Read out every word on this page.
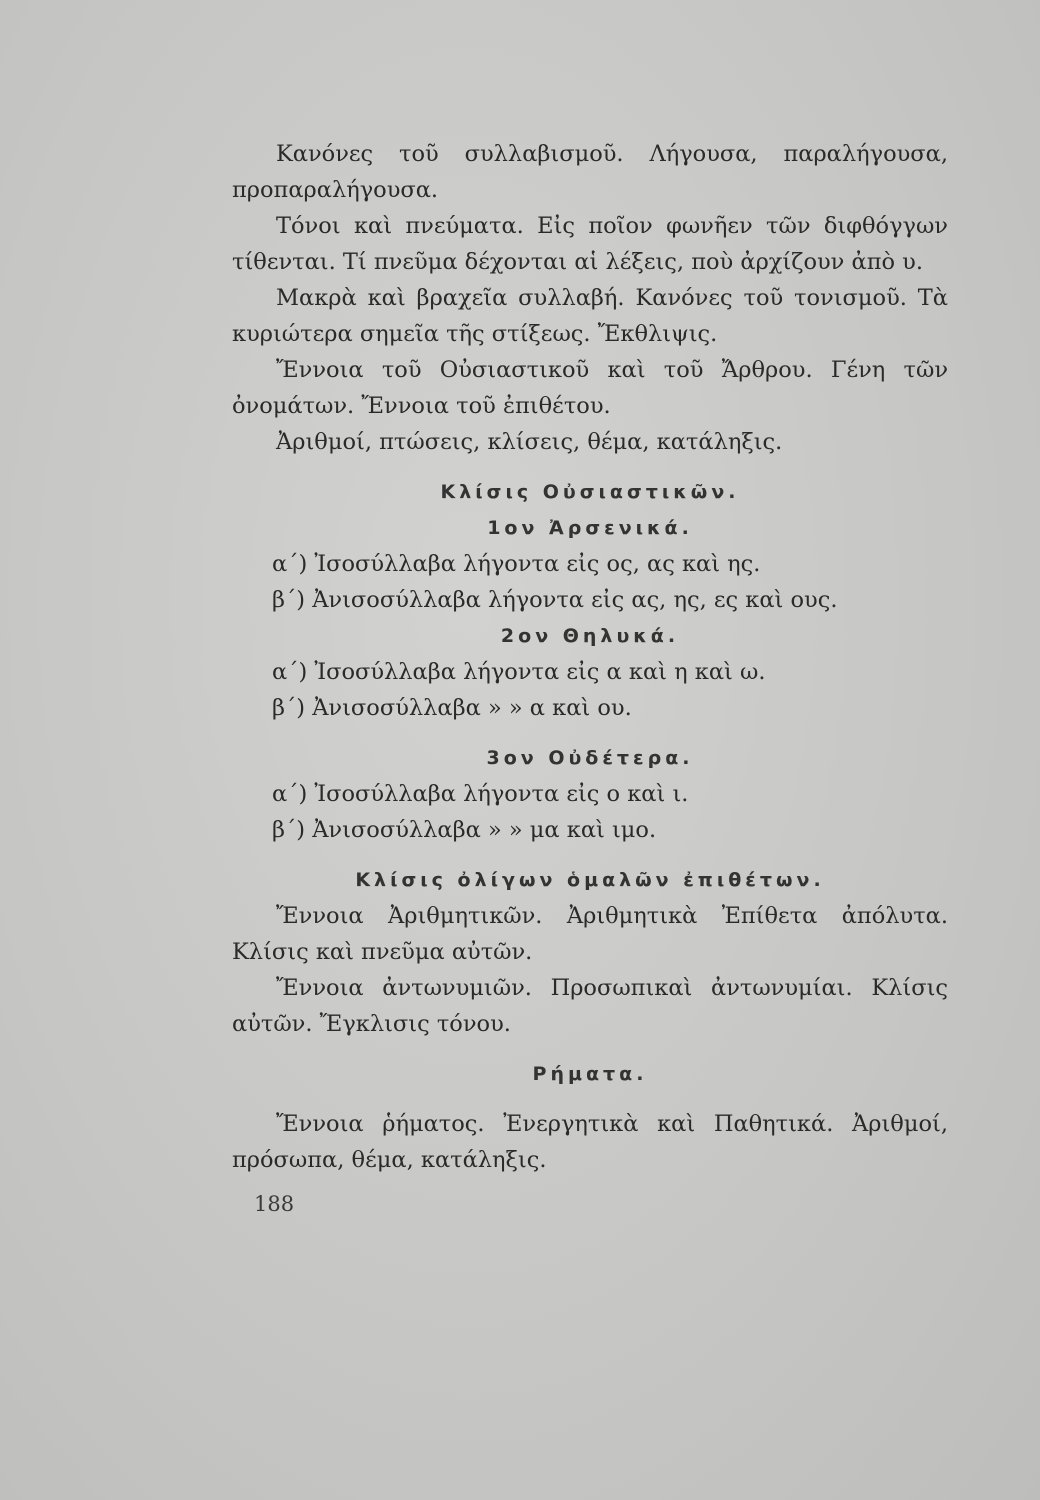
Κανόνες τοῦ συλλαβισμοῦ. Λήγουσα, παραλήγουσα, προπαραλήγουσα.

Τόνοι καὶ πνεύματα. Εἰς ποῖον φωνῆεν τῶν διφθόγγων τίθενται. Τί πνεῦμα δέχονται αἱ λέξεις, ποὺ ἀρχίζουν ἀπὸ υ.

Μακρὰ καὶ βραχεῖα συλλαβή. Κανόνες τοῦ τονισμοῦ. Τὰ κυριώτερα σημεῖα τῆς στίξεως. Ἔκθλιψις.

Ἔννοια τοῦ Οὐσιαστικοῦ καὶ τοῦ Ἄρθρου. Γένη τῶν ὀνομάτων. Ἔννοια τοῦ ἐπιθέτου.

Ἀριθμοί, πτώσεις, κλίσεις, θέμα, κατάληξις.

Κλίσις Οὐσιαστικῶν.

1ον Ἀρσενικά.

α΄) Ἰσοσύλλαβα λήγοντα εἰς ος, ας καὶ ης.

β΄) Ἀνισοσύλλαβα λήγοντα εἰς ας, ης, ες καὶ ους.

2ον Θηλυκά.

α΄) Ἰσοσύλλαβα λήγοντα εἰς α καὶ η καὶ ω.

β΄) Ἀνισοσύλλαβα » » α καὶ ου.

3ον Οὐδέτερα.

α΄) Ἰσοσύλλαβα λήγοντα εἰς ο καὶ ι.

β΄) Ἀνισοσύλλαβα » » μα καὶ ιμο.

Κλίσις ὀλίγων ὁμαλῶν ἐπιθέτων.

Ἔννοια Ἀριθμητικῶν. Ἀριθμητικὰ Ἐπίθετα ἀπόλυτα. Κλίσις καὶ πνεῦμα αὐτῶν.

Ἔννοια ἀντωνυμιῶν. Προσωπικαὶ ἀντωνυμίαι. Κλίσις αὐτῶν. Ἔγκλισις τόνου.

Ρήματα.

Ἔννοια ῥήματος. Ἐνεργητικὰ καὶ Παθητικά. Ἀριθμοί, πρόσωπα, θέμα, κατάληξις.

188
